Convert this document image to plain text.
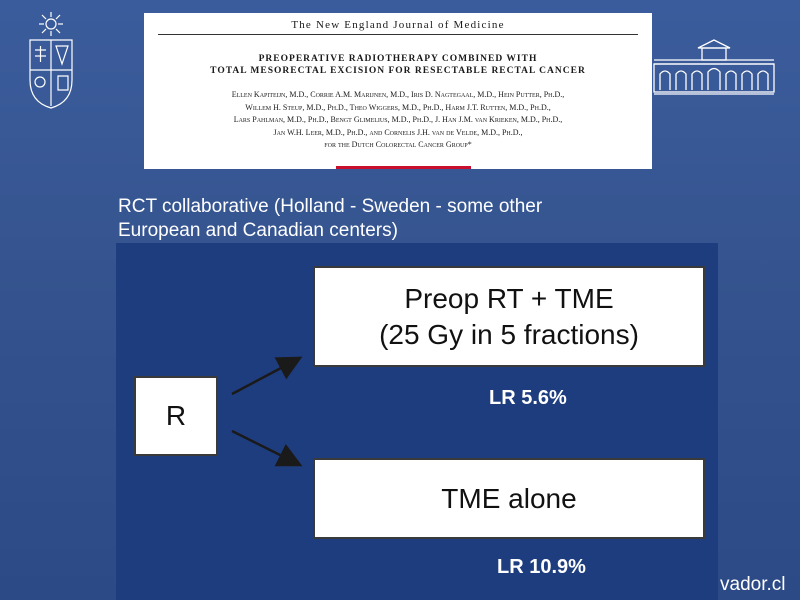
The New England Journal of Medicine
PREOPERATIVE RADIOTHERAPY COMBINED WITH
TOTAL MESORECTAL EXCISION FOR RESECTABLE RECTAL CANCER
Ellen Kapiteijn, M.D., Corrie A.M. Marijnen, M.D., Iris D. Nagtegaal, M.D., Hein Putter, Ph.D.,
Willem H. Steup, M.D., Ph.D., Theo Wiggers, M.D., Ph.D., Harm J.T. Rutten, M.D., Ph.D.,
Lars Pahlman, M.D., Ph.D., Bengt Glimelius, M.D., Ph.D., J. Han J.M. van Krieken, M.D., Ph.D.,
Jan W.H. Leer, M.D., Ph.D., and Cornelis J.H. van de Velde, M.D., Ph.D.,
for the Dutch Colorectal Cancer Group*
RCT collaborative (Holland - Sweden - some other
European and Canadian centers)
R
Preop RT + TME
(25 Gy in 5 fractions)
LR 5.6%
TME alone
LR 10.9%
vador.cl
